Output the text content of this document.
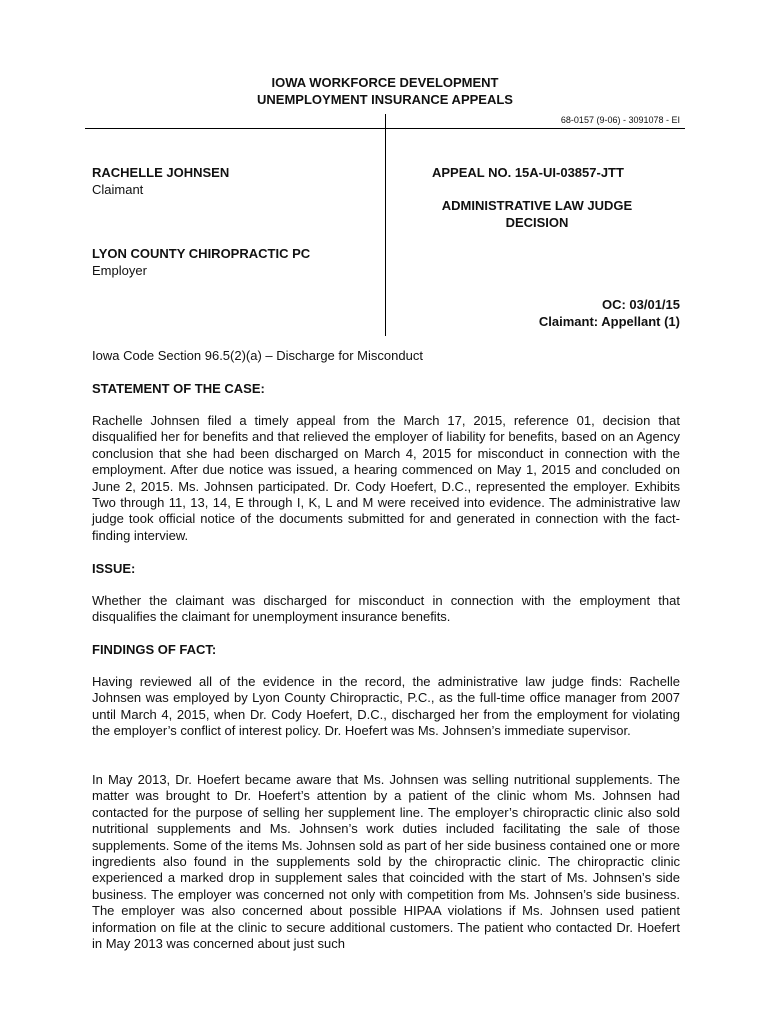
IOWA WORKFORCE DEVELOPMENT
UNEMPLOYMENT INSURANCE APPEALS
68-0157 (9-06) - 3091078 - EI
RACHELLE JOHNSEN
Claimant
LYON COUNTY CHIROPRACTIC PC
Employer
APPEAL NO. 15A-UI-03857-JTT
ADMINISTRATIVE LAW JUDGE
DECISION
OC: 03/01/15
Claimant: Appellant (1)
Iowa Code Section 96.5(2)(a) – Discharge for Misconduct
STATEMENT OF THE CASE:

Rachelle Johnsen filed a timely appeal from the March 17, 2015, reference 01, decision that disqualified her for benefits and that relieved the employer of liability for benefits, based on an Agency conclusion that she had been discharged on March 4, 2015 for misconduct in connection with the employment. After due notice was issued, a hearing commenced on May 1, 2015 and concluded on June 2, 2015. Ms. Johnsen participated. Dr. Cody Hoefert, D.C., represented the employer. Exhibits Two through 11, 13, 14, E through I, K, L and M were received into evidence. The administrative law judge took official notice of the documents submitted for and generated in connection with the fact-finding interview.

ISSUE:

Whether the claimant was discharged for misconduct in connection with the employment that disqualifies the claimant for unemployment insurance benefits.

FINDINGS OF FACT:

Having reviewed all of the evidence in the record, the administrative law judge finds: Rachelle Johnsen was employed by Lyon County Chiropractic, P.C., as the full-time office manager from 2007 until March 4, 2015, when Dr. Cody Hoefert, D.C., discharged her from the employment for violating the employer’s conflict of interest policy. Dr. Hoefert was Ms. Johnsen’s immediate supervisor.

In May 2013, Dr. Hoefert became aware that Ms. Johnsen was selling nutritional supplements. The matter was brought to Dr. Hoefert’s attention by a patient of the clinic whom Ms. Johnsen had contacted for the purpose of selling her supplement line. The employer’s chiropractic clinic also sold nutritional supplements and Ms. Johnsen’s work duties included facilitating the sale of those supplements. Some of the items Ms. Johnsen sold as part of her side business contained one or more ingredients also found in the supplements sold by the chiropractic clinic. The chiropractic clinic experienced a marked drop in supplement sales that coincided with the start of Ms. Johnsen’s side business. The employer was concerned not only with competition from Ms. Johnsen’s side business. The employer was also concerned about possible HIPAA violations if Ms. Johnsen used patient information on file at the clinic to secure additional customers. The patient who contacted Dr. Hoefert in May 2013 was concerned about just such
